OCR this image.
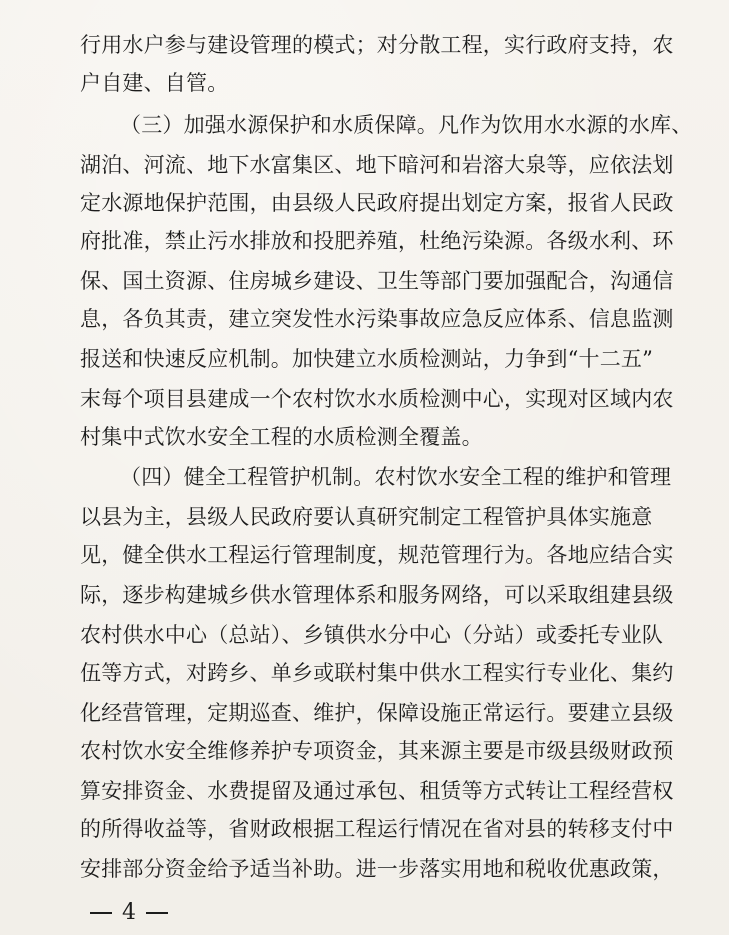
行用水户参与建设管理的模式；对分散工程，实行政府支持，农
户自建、自管。
（三）加强水源保护和水质保障。凡作为饮用水水源的水库、
湖泊、河流、地下水富集区、地下暗河和岩溶大泉等，应依法划
定水源地保护范围，由县级人民政府提出划定方案，报省人民政
府批准，禁止污水排放和投肥养殖，杜绝污染源。各级水利、环
保、国土资源、住房城乡建设、卫生等部门要加强配合，沟通信
息，各负其责，建立突发性水污染事故应急反应体系、信息监测
报送和快速反应机制。加快建立水质检测站，力争到“十二五”
末每个项目县建成一个农村饮水水质检测中心，实现对区域内农
村集中式饮水安全工程的水质检测全覆盖。
（四）健全工程管护机制。农村饮水安全工程的维护和管理
以县为主，县级人民政府要认真研究制定工程管护具体实施意
见，健全供水工程运行管理制度，规范管理行为。各地应结合实
际，逐步构建城乡供水管理体系和服务网络，可以采取组建县级
农村供水中心（总站）、乡镇供水分中心（分站）或委托专业队
伍等方式，对跨乡、单乡或联村集中供水工程实行专业化、集约
化经营管理，定期巡查、维护，保障设施正常运行。要建立县级
农村饮水安全维修养护专项资金，其来源主要是市级县级财政预
算安排资金、水费提留及通过承包、租赁等方式转让工程经营权
的所得收益等，省财政根据工程运行情况在省对县的转移支付中
安排部分资金给予适当补助。进一步落实用地和税收优惠政策，
4
